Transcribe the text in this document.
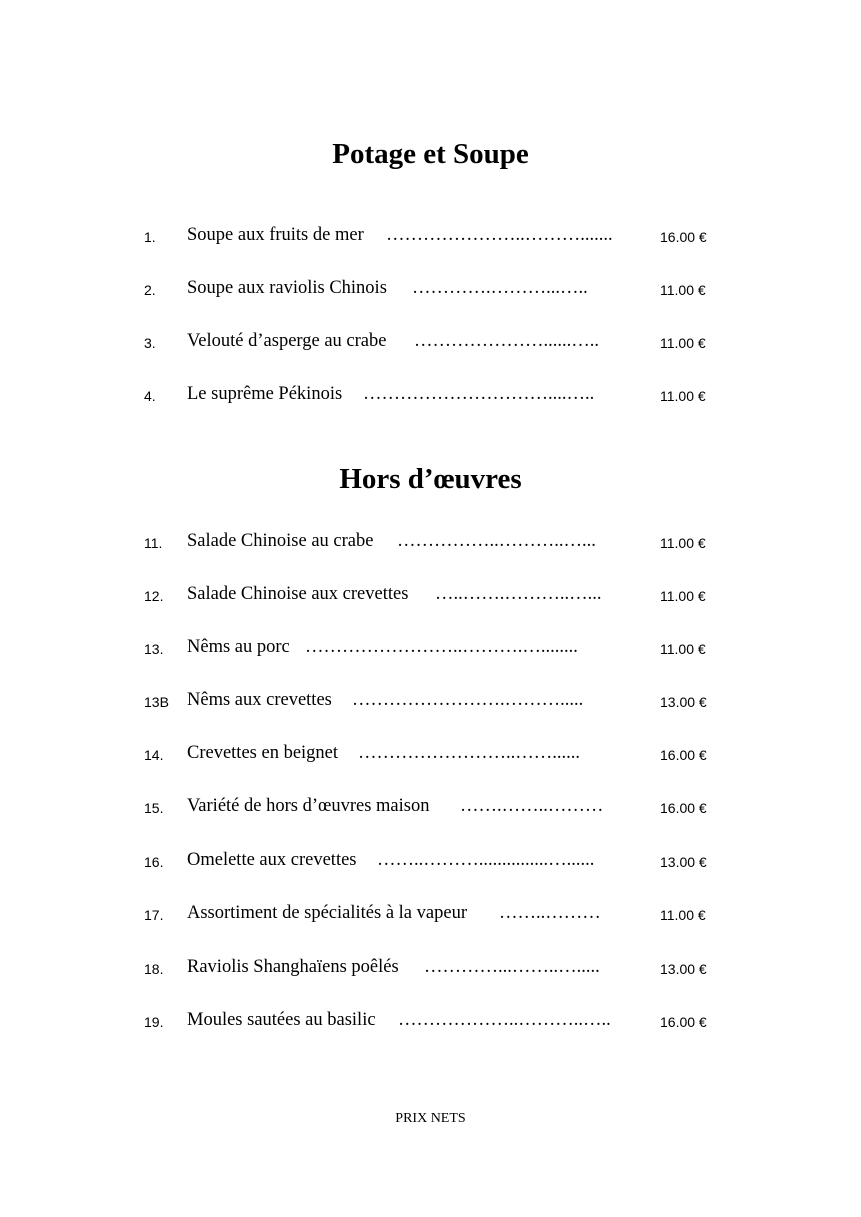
Potage et Soupe
1. Soupe aux fruits de mer …………………..……….......	16.00 €
2. Soupe aux raviolis Chinois ………….………...…..	11.00 €
3. Velouté d’asperge au crabe …………………......…..	11.00 €
4. Le suprême Pékinois …………………………....…..	11.00 €
Hors d’œuvres
11. Salade Chinoise au crabe ……………..………..…...	11.00 €
12. Salade Chinoise aux crevettes …..…….………..…...	11.00 €
13. Nêms au porc ……………………..……….…........	11.00 €
13B Nêms aux crevettes …………………….……….....	13.00 €
14. Crevettes en beignet ……………………..……......	16.00 €
15. Variété de hors d’œuvres maison …….……..………	16.00 €
16. Omelette aux crevettes ……..………...............…......	13.00 €
17. Assortiment de spécialités à la vapeur ……..………	11.00 €
18. Raviolis Shanghaïens poêlés …………...……..….....	13.00 €
19. Moules sautées au basilic ………………..………..…..	16.00 €
PRIX NETS
